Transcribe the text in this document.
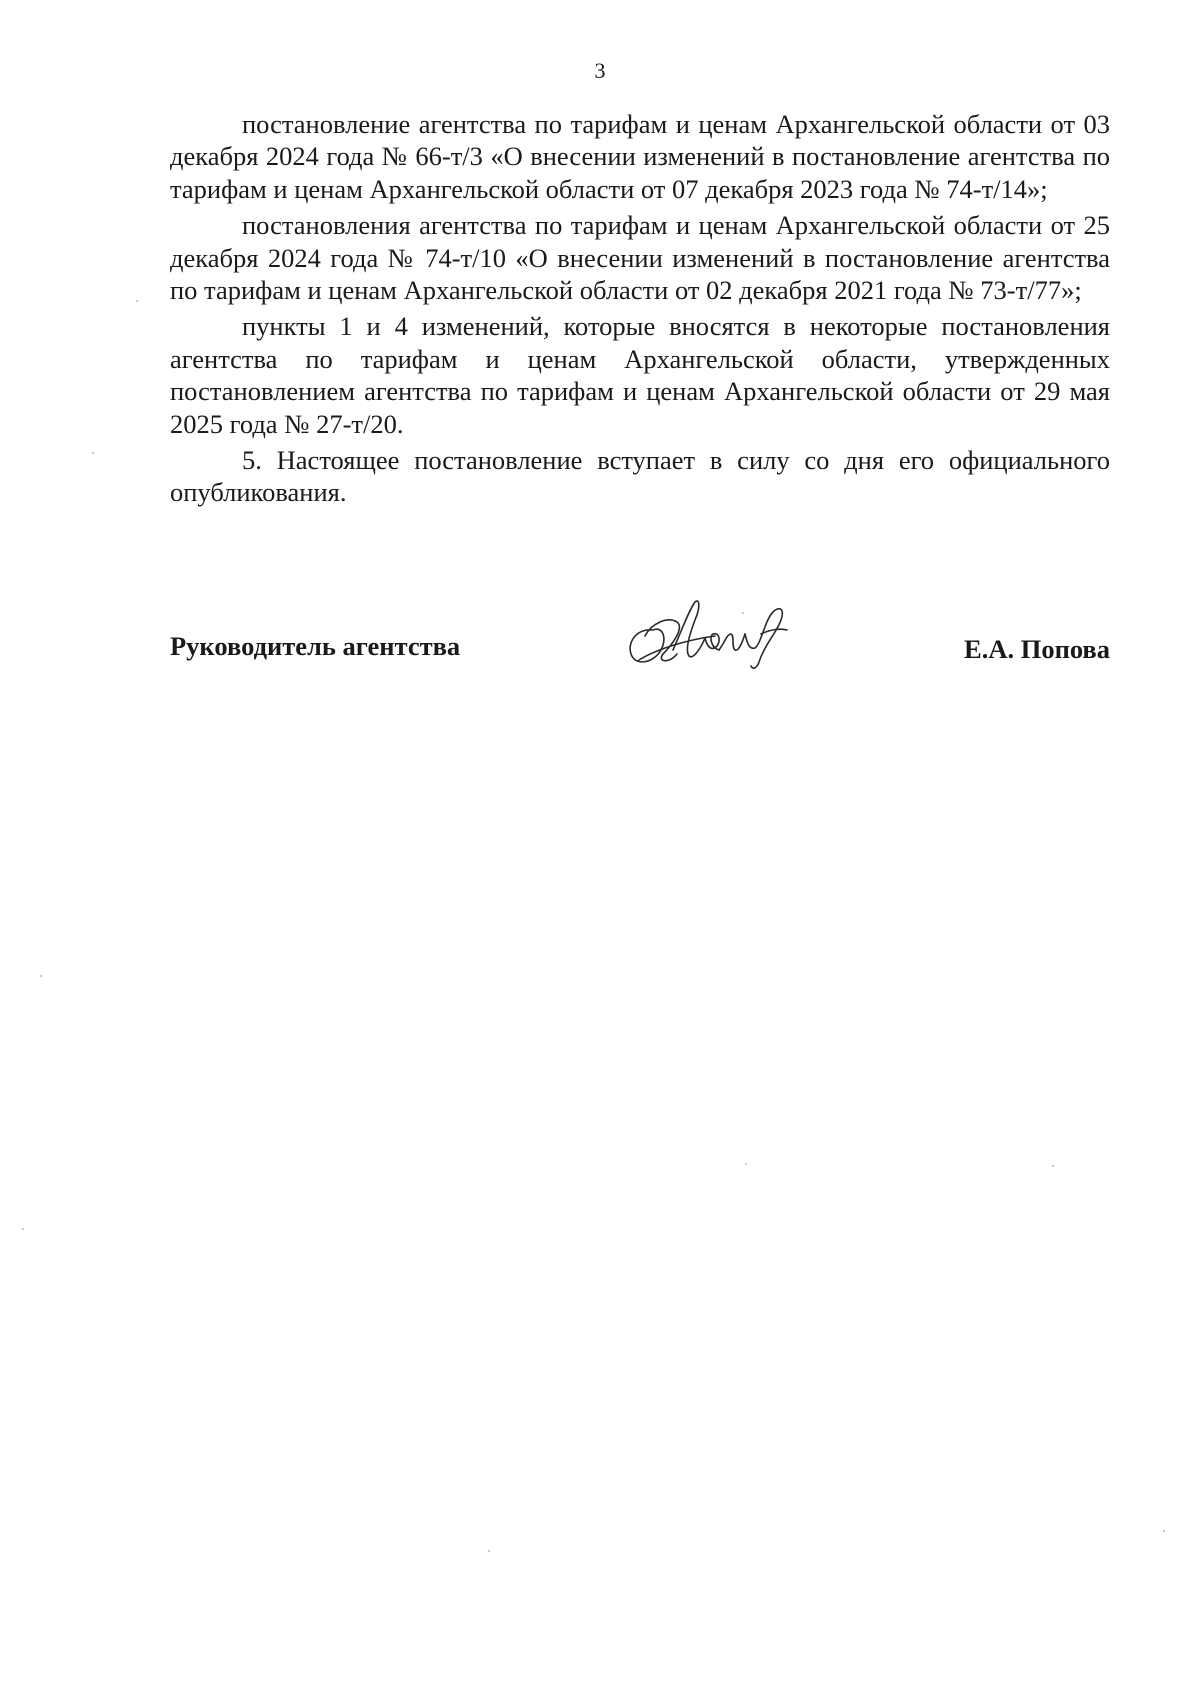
3

постановление агентства по тарифам и ценам Архангельской области от 03 декабря 2024 года № 66-т/3 «О внесении изменений в постановление агентства по тарифам и ценам Архангельской области от 07 декабря 2023 года № 74-т/14»;

постановления агентства по тарифам и ценам Архангельской области от 25 декабря 2024 года № 74-т/10 «О внесении изменений в постановление агентства по тарифам и ценам Архангельской области от 02 декабря 2021 года № 73-т/77»;

пункты 1 и 4 изменений, которые вносятся в некоторые постановления агентства по тарифам и ценам Архангельской области, утвержденных постановлением агентства по тарифам и ценам Архангельской области от 29 мая 2025 года № 27-т/20.

5. Настоящее постановление вступает в силу со дня его официального опубликования.

Руководитель агентства	Е.А. Попова
